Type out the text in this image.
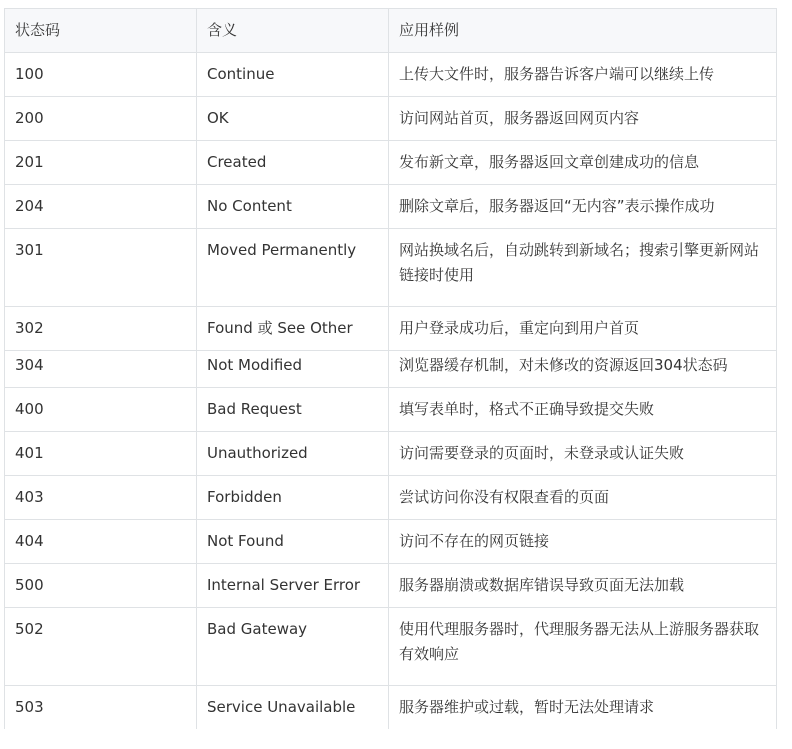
状态码	含义	应用样例
100	Continue	上传大文件时，服务器告诉客户端可以继续上传
200	OK	访问网站首页，服务器返回网页内容
201	Created	发布新文章，服务器返回文章创建成功的信息
204	No Content	删除文章后，服务器返回“无内容”表示操作成功
301	Moved Permanently	网站换域名后，自动跳转到新域名；搜索引擎更新网站链接时使用
302	Found 或 See Other	用户登录成功后，重定向到用户首页
304	Not Modified	浏览器缓存机制，对未修改的资源返回304状态码
400	Bad Request	填写表单时，格式不正确导致提交失败
401	Unauthorized	访问需要登录的页面时，未登录或认证失败
403	Forbidden	尝试访问你没有权限查看的页面
404	Not Found	访问不存在的网页链接
500	Internal Server Error	服务器崩溃或数据库错误导致页面无法加载
502	Bad Gateway	使用代理服务器时，代理服务器无法从上游服务器获取有效响应
503	Service Unavailable	服务器维护或过载，暂时无法处理请求
